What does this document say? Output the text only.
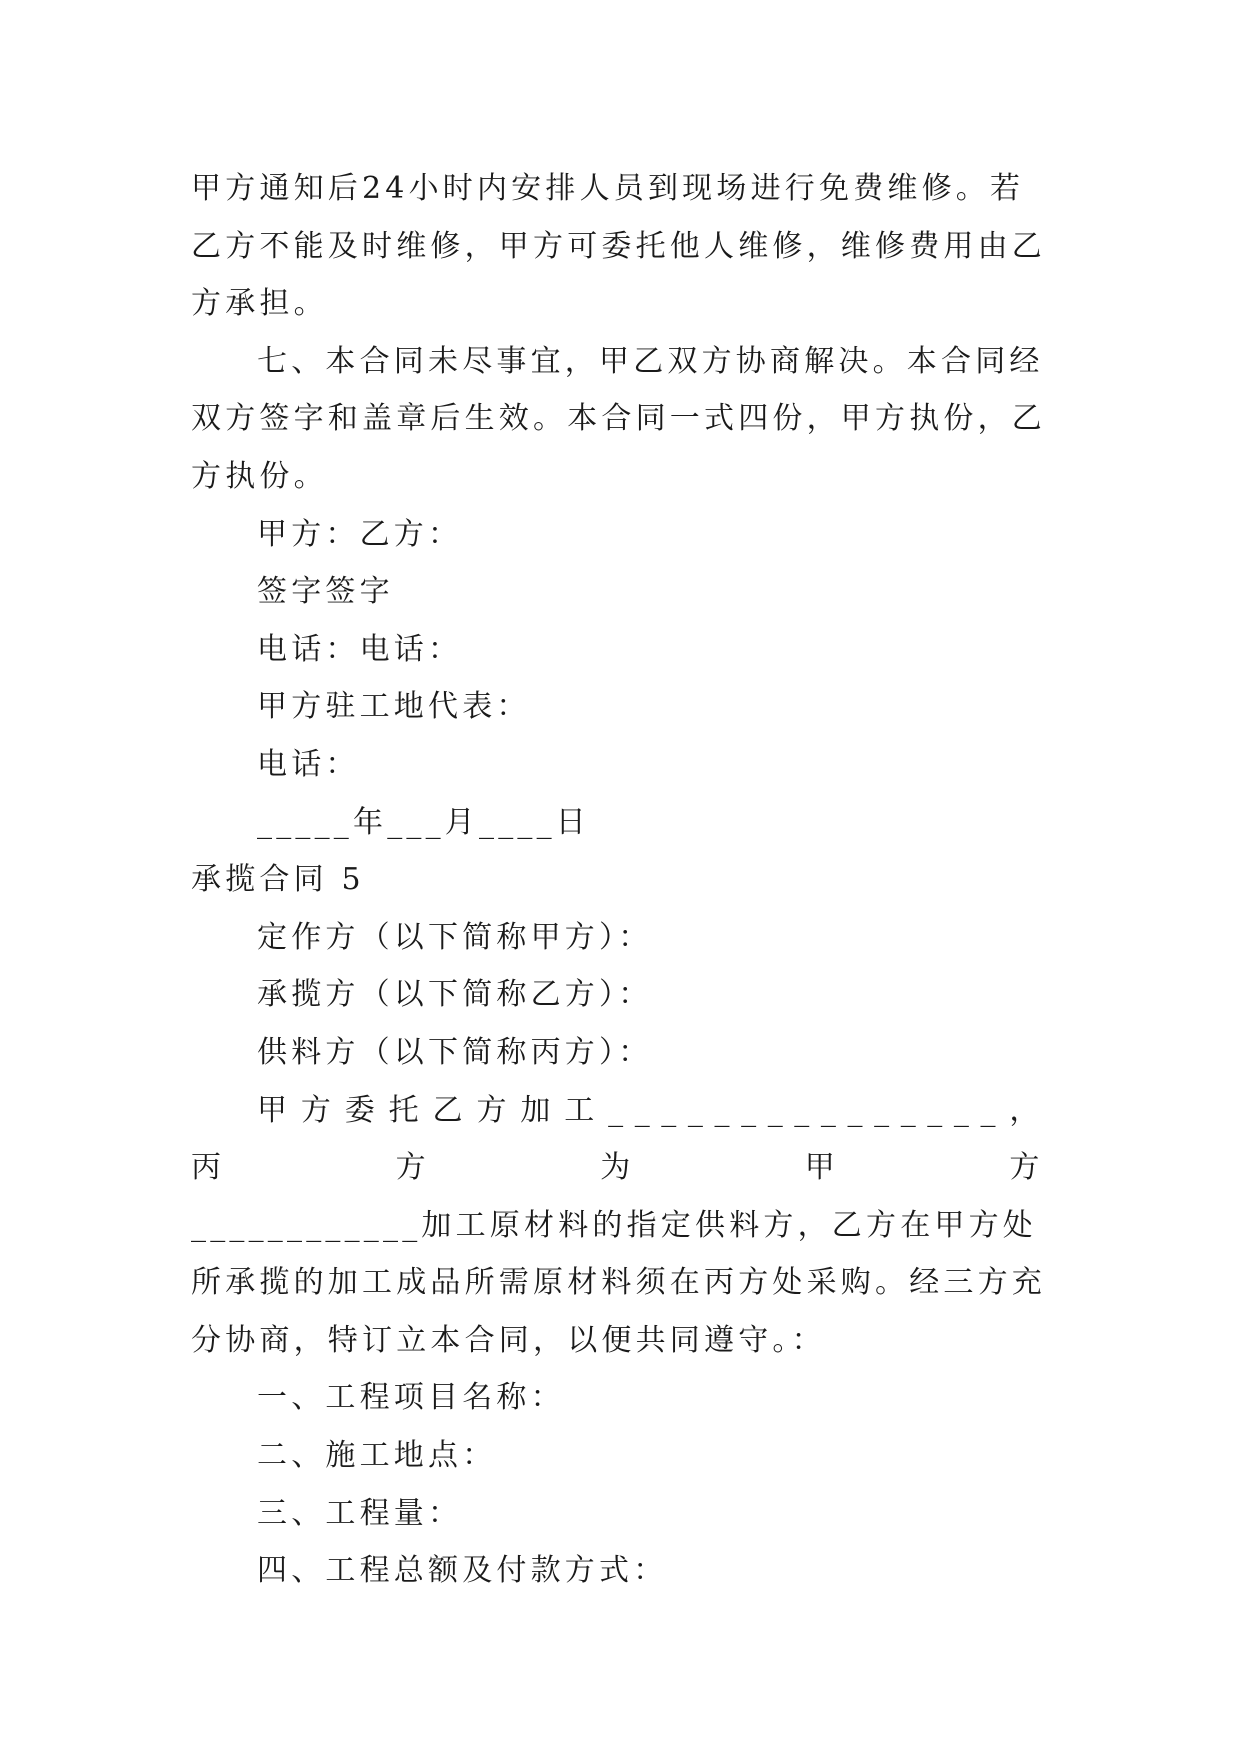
甲方通知后24小时内安排人员到现场进行免费维修。若乙方不能及时维修，甲方可委托他人维修，维修费用由乙方承担。

七、本合同未尽事宜，甲乙双方协商解决。本合同经双方签字和盖章后生效。本合同一式四份，甲方执份，乙方执份。

甲方：乙方：

签字签字

电话：电话：

甲方驻工地代表：

电话：

_____年___月____日

承揽合同 5

定作方（以下简称甲方）：

承揽方（以下简称乙方）：

供料方（以下简称丙方）：

甲方委托乙方加工_______________，丙方为甲方

____________加工原材料的指定供料方，乙方在甲方处所承揽的加工成品所需原材料须在丙方处采购。经三方充分协商，特订立本合同，以便共同遵守。：

一、工程项目名称：

二、施工地点：

三、工程量：

四、工程总额及付款方式：
